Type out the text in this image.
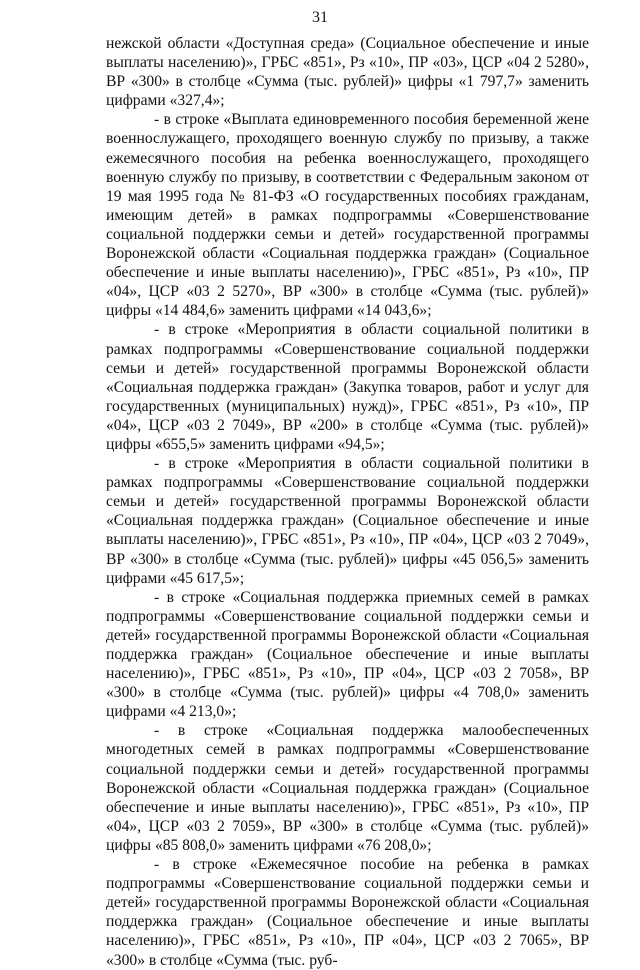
31

нежской области «Доступная среда» (Социальное обеспечение и иные выплаты населению)», ГРБС «851», Рз «10», ПР «03», ЦСР «04 2 5280», ВР «300» в столбце «Сумма (тыс. рублей)» цифры «1 797,7» заменить цифрами «327,4»;

- в строке «Выплата единовременного пособия беременной жене военнослужащего, проходящего военную службу по призыву, а также ежемесячного пособия на ребенка военнослужащего, проходящего военную службу по призыву, в соответствии с Федеральным законом от 19 мая 1995 года № 81-ФЗ «О государственных пособиях гражданам, имеющим детей» в рамках подпрограммы «Совершенствование социальной поддержки семьи и детей» государственной программы Воронежской области «Социальная поддержка граждан» (Социальное обеспечение и иные выплаты населению)», ГРБС «851», Рз «10», ПР «04», ЦСР «03 2 5270», ВР «300» в столбце «Сумма (тыс. рублей)» цифры «14 484,6» заменить цифрами «14 043,6»;

- в строке «Мероприятия в области социальной политики в рамках подпрограммы «Совершенствование социальной поддержки семьи и детей» государственной программы Воронежской области «Социальная поддержка граждан» (Закупка товаров, работ и услуг для государственных (муниципальных) нужд)», ГРБС «851», Рз «10», ПР «04», ЦСР «03 2 7049», ВР «200» в столбце «Сумма (тыс. рублей)» цифры «655,5» заменить цифрами «94,5»;

- в строке «Мероприятия в области социальной политики в рамках подпрограммы «Совершенствование социальной поддержки семьи и детей» государственной программы Воронежской области «Социальная поддержка граждан» (Социальное обеспечение и иные выплаты населению)», ГРБС «851», Рз «10», ПР «04», ЦСР «03 2 7049», ВР «300» в столбце «Сумма (тыс. рублей)» цифры «45 056,5» заменить цифрами «45 617,5»;

- в строке «Социальная поддержка приемных семей в рамках подпрограммы «Совершенствование социальной поддержки семьи и детей» государственной программы Воронежской области «Социальная поддержка граждан» (Социальное обеспечение и иные выплаты населению)», ГРБС «851», Рз «10», ПР «04», ЦСР «03 2 7058», ВР «300» в столбце «Сумма (тыс. рублей)» цифры «4 708,0» заменить цифрами «4 213,0»;

- в строке «Социальная поддержка малообеспеченных многодетных семей в рамках подпрограммы «Совершенствование социальной поддержки семьи и детей» государственной программы Воронежской области «Социальная поддержка граждан» (Социальное обеспечение и иные выплаты населению)», ГРБС «851», Рз «10», ПР «04», ЦСР «03 2 7059», ВР «300» в столбце «Сумма (тыс. рублей)» цифры «85 808,0» заменить цифрами «76 208,0»;

- в строке «Ежемесячное пособие на ребенка в рамках подпрограммы «Совершенствование социальной поддержки семьи и детей» государственной программы Воронежской области «Социальная поддержка граждан» (Социальное обеспечение и иные выплаты населению)», ГРБС «851», Рз «10», ПР «04», ЦСР «03 2 7065», ВР «300» в столбце «Сумма (тыс. руб-
